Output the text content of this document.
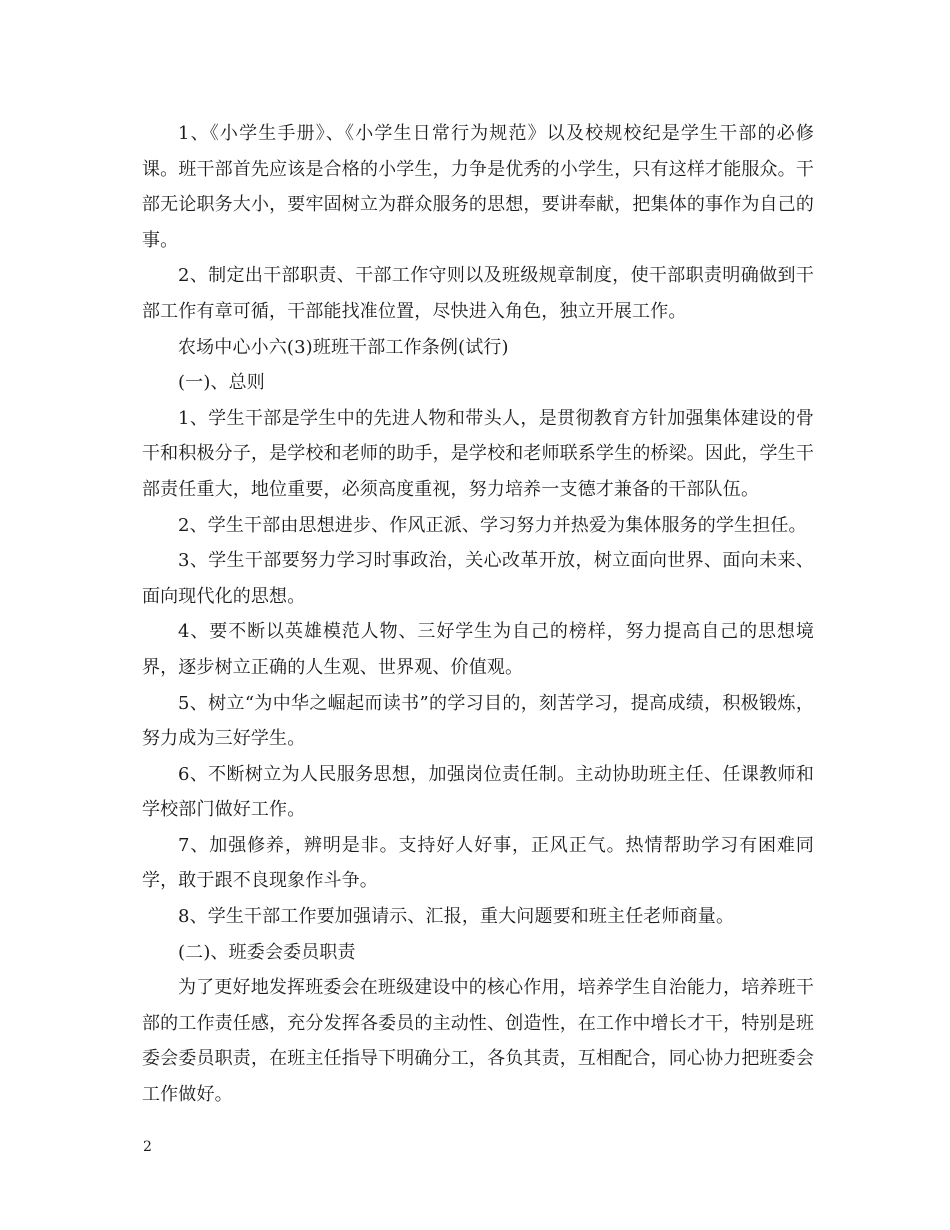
1、《小学生手册》、《小学生日常行为规范》以及校规校纪是学生干部的必修课。班干部首先应该是合格的小学生，力争是优秀的小学生，只有这样才能服众。干部无论职务大小，要牢固树立为群众服务的思想，要讲奉献，把集体的事作为自己的事。

2、制定出干部职责、干部工作守则以及班级规章制度，使干部职责明确做到干部工作有章可循，干部能找准位置，尽快进入角色，独立开展工作。

农场中心小六(3)班班干部工作条例(试行)

(一)、总则

1、学生干部是学生中的先进人物和带头人，是贯彻教育方针加强集体建设的骨干和积极分子，是学校和老师的助手，是学校和老师联系学生的桥梁。因此，学生干部责任重大，地位重要，必须高度重视，努力培养一支德才兼备的干部队伍。

2、学生干部由思想进步、作风正派、学习努力并热爱为集体服务的学生担任。

3、学生干部要努力学习时事政治，关心改革开放，树立面向世界、面向未来、面向现代化的思想。

4、要不断以英雄模范人物、三好学生为自己的榜样，努力提高自己的思想境界，逐步树立正确的人生观、世界观、价值观。

5、树立“为中华之崛起而读书”的学习目的，刻苦学习，提高成绩，积极锻炼，努力成为三好学生。

6、不断树立为人民服务思想，加强岗位责任制。主动协助班主任、任课教师和学校部门做好工作。

7、加强修养，辨明是非。支持好人好事，正风正气。热情帮助学习有困难同学，敢于跟不良现象作斗争。

8、学生干部工作要加强请示、汇报，重大问题要和班主任老师商量。

(二)、班委会委员职责

为了更好地发挥班委会在班级建设中的核心作用，培养学生自治能力，培养班干部的工作责任感，充分发挥各委员的主动性、创造性，在工作中增长才干，特别是班委会委员职责，在班主任指导下明确分工，各负其责，互相配合，同心协力把班委会工作做好。

2
